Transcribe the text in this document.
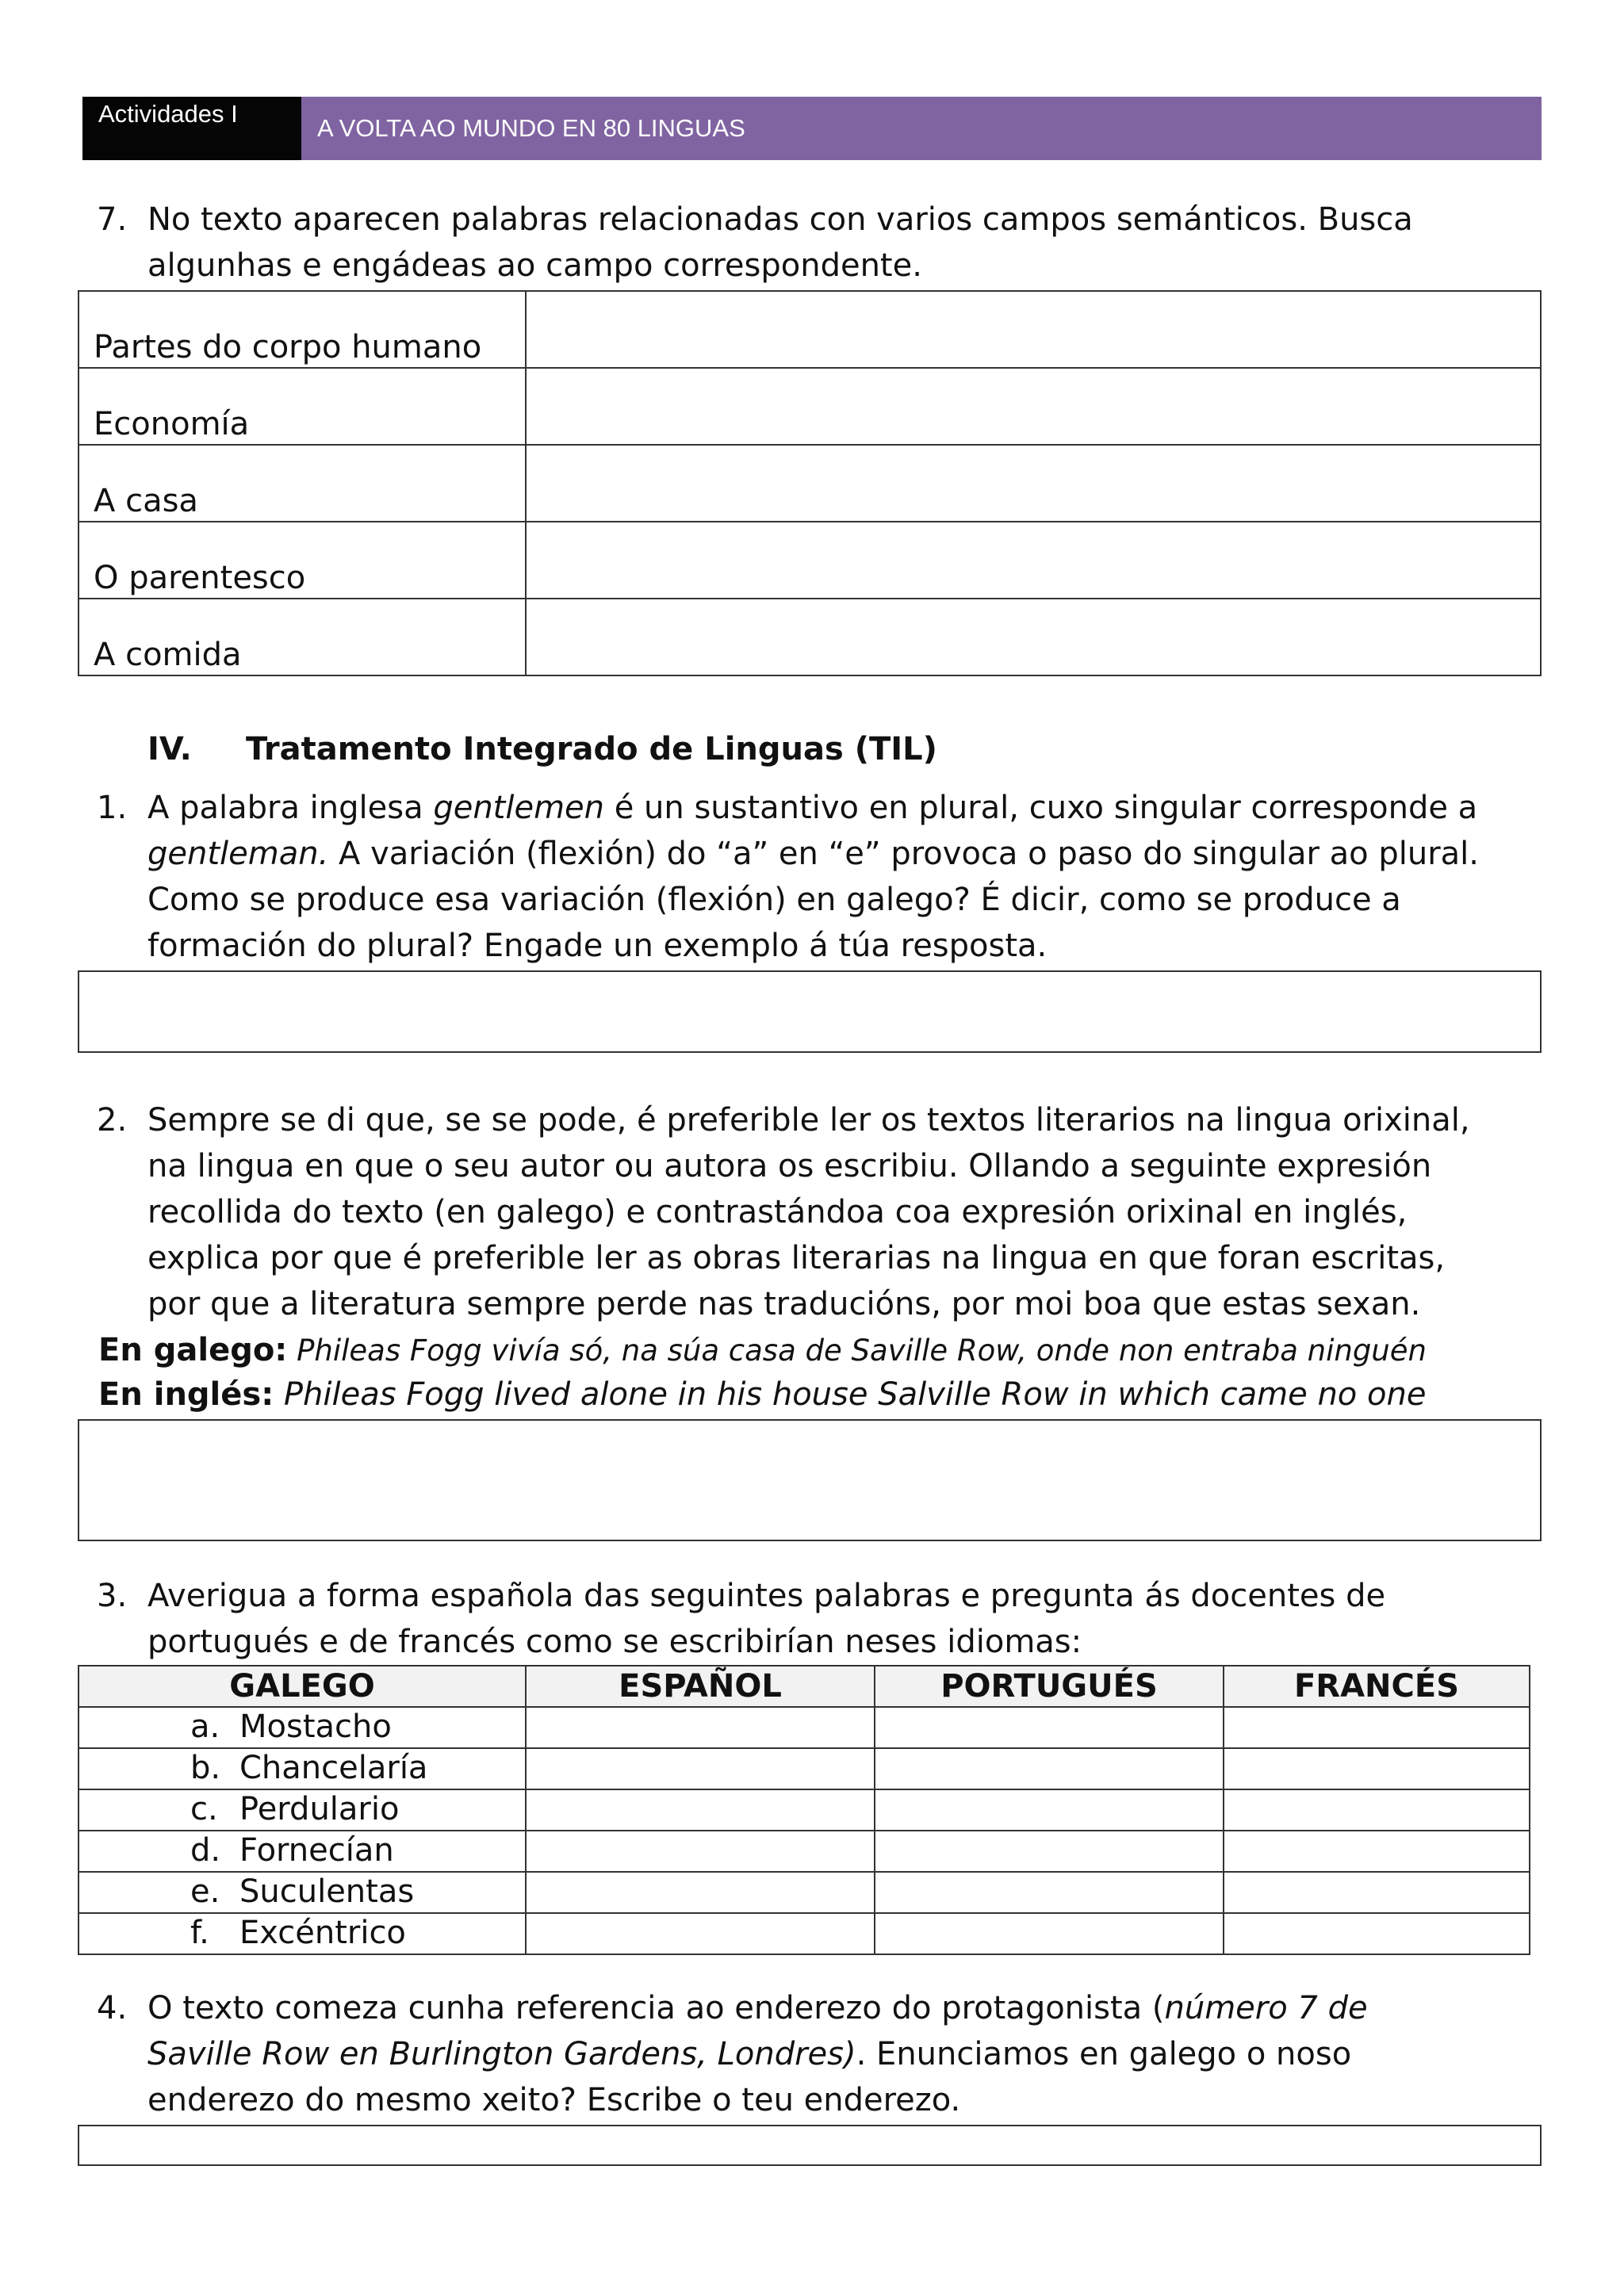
Actividades I
A VOLTA AO MUNDO EN 80 LINGUAS
7. No texto aparecen palabras relacionadas con varios campos semánticos. Busca
algunhas e engádeas ao campo correspondente.
Partes do corpo humano	
Economía	
A casa	
O parentesco	
A comida	
IV. Tratamento Integrado de Linguas (TIL)
1. A palabra inglesa gentlemen é un sustantivo en plural, cuxo singular corresponde a
gentleman. A variación (flexión) do “a” en “e” provoca o paso do singular ao plural.
Como se produce esa variación (flexión) en galego? É dicir, como se produce a
formación do plural? Engade un exemplo á túa resposta.
2. Sempre se di que, se se pode, é preferible ler os textos literarios na lingua orixinal,
na lingua en que o seu autor ou autora os escribiu. Ollando a seguinte expresión
recollida do texto (en galego) e contrastándoa coa expresión orixinal en inglés,
explica por que é preferible ler as obras literarias na lingua en que foran escritas,
por que a literatura sempre perde nas traducións, por moi boa que estas sexan.
En galego: Phileas Fogg vivía só, na súa casa de Saville Row, onde non entraba ninguén
En inglés: Phileas Fogg lived alone in his house Salville Row in which came no one
3. Averigua a forma española das seguintes palabras e pregunta ás docentes de
portugués e de francés como se escribirían neses idiomas:
GALEGO	ESPAÑOL	PORTUGUÉS	FRANCÉS

a. Mostacho			

b. Chancelaría			

c. Perdulario			

d. Fornecían			

e. Suculentas			

f. Excéntrico			

4. O texto comeza cunha referencia ao enderezo do protagonista (número 7 de
Saville Row en Burlington Gardens, Londres). Enunciamos en galego o noso
enderezo do mesmo xeito? Escribe o teu enderezo.
